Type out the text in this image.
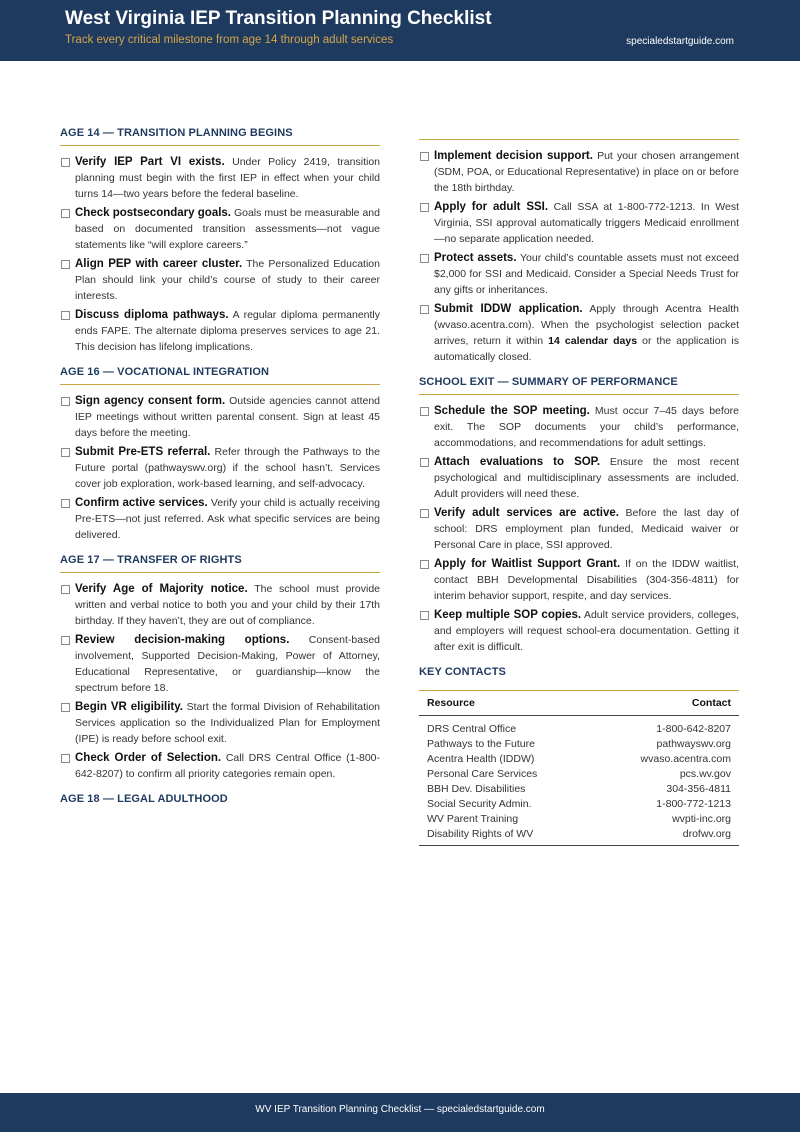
West Virginia IEP Transition Planning Checklist
Track every critical milestone from age 14 through adult services	specialedstartguide.com
AGE 14 — TRANSITION PLANNING BEGINS
Verify IEP Part VI exists. Under Policy 2419, transition planning must begin with the first IEP in effect when your child turns 14—two years before the federal baseline.
Check postsecondary goals. Goals must be measurable and based on documented transition assessments—not vague statements like “will explore careers.”
Align PEP with career cluster. The Personalized Education Plan should link your child’s course of study to their career interests.
Discuss diploma pathways. A regular diploma permanently ends FAPE. The alternate diploma preserves services to age 21. This decision has lifelong implications.
AGE 16 — VOCATIONAL INTEGRATION
Sign agency consent form. Outside agencies cannot attend IEP meetings without written parental consent. Sign at least 45 days before the meeting.
Submit Pre-ETS referral. Refer through the Pathways to the Future portal (pathwayswv.org) if the school hasn’t. Services cover job exploration, work-based learning, and self-advocacy.
Confirm active services. Verify your child is actually receiving Pre-ETS—not just referred. Ask what specific services are being delivered.
AGE 17 — TRANSFER OF RIGHTS
Verify Age of Majority notice. The school must provide written and verbal notice to both you and your child by their 17th birthday. If they haven’t, they are out of compliance.
Review decision-making options. Consent-based involvement, Supported Decision-Making, Power of Attorney, Educational Representative, or guardianship—know the spectrum before 18.
Begin VR eligibility. Start the formal Division of Rehabilitation Services application so the Individualized Plan for Employment (IPE) is ready before school exit.
Check Order of Selection. Call DRS Central Office (1-800-642-8207) to confirm all priority categories remain open.
AGE 18 — LEGAL ADULTHOOD
Implement decision support. Put your chosen arrangement (SDM, POA, or Educational Representative) in place on or before the 18th birthday.
Apply for adult SSI. Call SSA at 1-800-772-1213. In West Virginia, SSI approval automatically triggers Medicaid enrollment—no separate application needed.
Protect assets. Your child’s countable assets must not exceed $2,000 for SSI and Medicaid. Consider a Special Needs Trust for any gifts or inheritances.
Submit IDDW application. Apply through Acentra Health (wvaso.acentra.com). When the psychologist selection packet arrives, return it within 14 calendar days or the application is automatically closed.
SCHOOL EXIT — SUMMARY OF PERFORMANCE
Schedule the SOP meeting. Must occur 7–45 days before exit. The SOP documents your child’s performance, accommodations, and recommendations for adult settings.
Attach evaluations to SOP. Ensure the most recent psychological and multidisciplinary assessments are included. Adult providers will need these.
Verify adult services are active. Before the last day of school: DRS employment plan funded, Medicaid waiver or Personal Care in place, SSI approved.
Apply for Waitlist Support Grant. If on the IDDW waitlist, contact BBH Developmental Disabilities (304-356-4811) for interim behavior support, respite, and day services.
Keep multiple SOP copies. Adult service providers, colleges, and employers will request school-era documentation. Getting it after exit is difficult.
KEY CONTACTS
Resource	Contact
DRS Central Office	1-800-642-8207
Pathways to the Future	pathwayswv.org
Acentra Health (IDDW)	wvaso.acentra.com
Personal Care Services	pcs.wv.gov
BBH Dev. Disabilities	304-356-4811
Social Security Admin.	1-800-772-1213
WV Parent Training	wvpti-inc.org
Disability Rights of WV	drofwv.org
WV IEP Transition Planning Checklist — specialedstartguide.com
